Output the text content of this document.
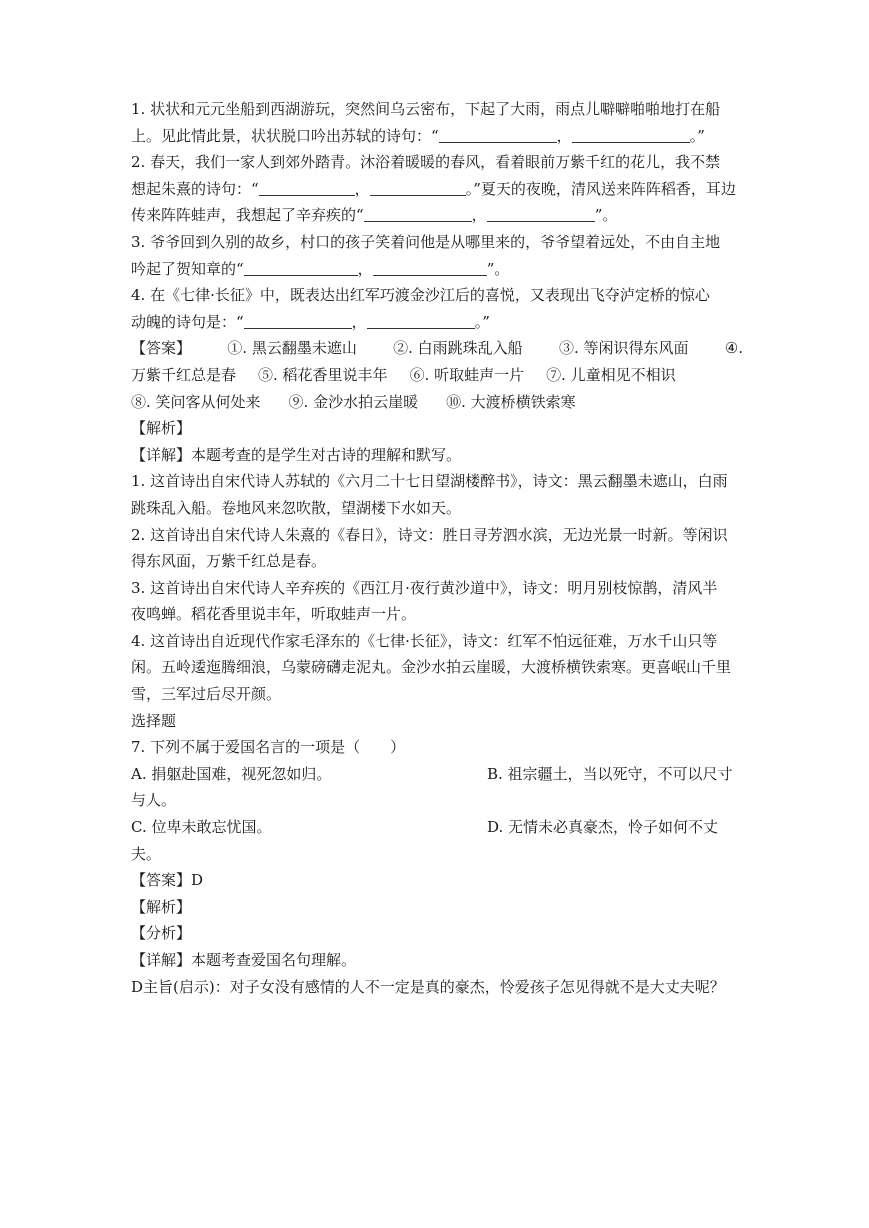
1. 状状和元元坐船到西湖游玩，突然间乌云密布，下起了大雨，雨点儿噼噼啪啪地打在船

上。见此情此景，状状脱口吟出苏轼的诗句：“	，	。”

2. 春天，我们一家人到郊外踏青。沐浴着暖暖的春风，看着眼前万紫千红的花儿，我不禁

想起朱熹的诗句：“	，	。”夏天的夜晚，清风送来阵阵稻香，耳边

传来阵阵蛙声，我想起了辛弃疾的“	，	”。

3. 爷爷回到久别的故乡，村口的孩子笑着问他是从哪里来的，爷爷望着远处，不由自主地

吟起了贺知章的“	，	”。

4. 在《七律·长征》中，既表达出红军巧渡金沙江后的喜悦，又表现出飞夺泸定桥的惊心

动魄的诗句是：“	，	。”

【答案】 ①. 黑云翻墨未遮山 ②. 白雨跳珠乱入船 ③. 等闲识得东风面 ④.

万紫千红总是春 ⑤. 稻花香里说丰年 ⑥. 听取蛙声一片 ⑦. 儿童相见不相识

⑧. 笑问客从何处来 ⑨. 金沙水拍云崖暖 ⑩. 大渡桥横铁索寒

【解析】

【详解】本题考查的是学生对古诗的理解和默写。

1. 这首诗出自宋代诗人苏轼的《六月二十七日望湖楼醉书》，诗文：黑云翻墨未遮山，白雨

跳珠乱入船。卷地风来忽吹散，望湖楼下水如天。

2. 这首诗出自宋代诗人朱熹的《春日》，诗文：胜日寻芳泗水滨，无边光景一时新。等闲识

得东风面，万紫千红总是春。

3. 这首诗出自宋代诗人辛弃疾的《西江月·夜行黄沙道中》，诗文：明月别枝惊鹊，清风半

夜鸣蝉。稻花香里说丰年，听取蛙声一片。

4. 这首诗出自近现代作家毛泽东的《七律·长征》，诗文：红军不怕远征难，万水千山只等

闲。五岭逶迤腾细浪，乌蒙磅礴走泥丸。金沙水拍云崖暖，大渡桥横铁索寒。更喜岷山千里

雪，三军过后尽开颜。

选择题

7. 下列不属于爱国名言的一项是（　　）

A. 捐躯赴国难，视死忽如归。	B. 祖宗疆土，当以死守，不可以尺寸

与人。

C. 位卑未敢忘忧国。	D. 无情未必真豪杰，怜子如何不丈

夫。

【答案】D

【解析】

【分析】

【详解】本题考查爱国名句理解。

D主旨(启示)：对子女没有感情的人不一定是真的豪杰，怜爱孩子怎见得就不是大丈夫呢？
